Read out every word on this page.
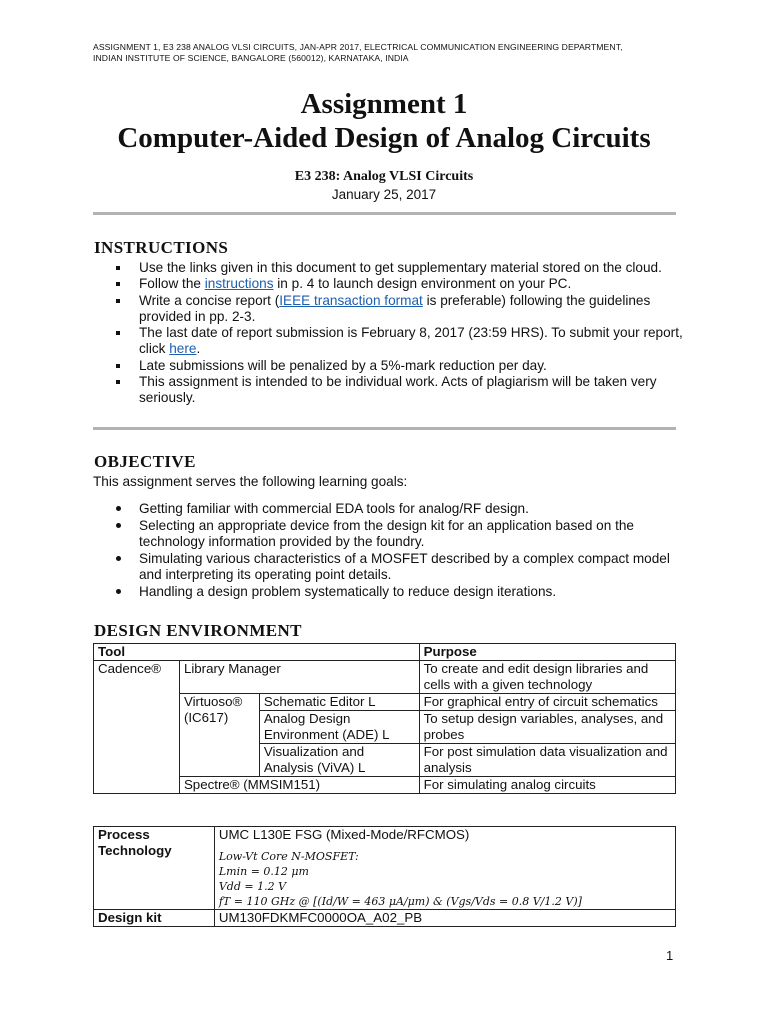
ASSIGNMENT 1, E3 238 ANALOG VLSI CIRCUITS, JAN-APR 2017, ELECTRICAL COMMUNICATION ENGINEERING DEPARTMENT,
INDIAN INSTITUTE OF SCIENCE, BANGALORE (560012), KARNATAKA, INDIA
Assignment 1
Computer-Aided Design of Analog Circuits
E3 238: Analog VLSI Circuits
January 25, 2017
INSTRUCTIONS
Use the links given in this document to get supplementary material stored on the cloud.
Follow the instructions in p. 4 to launch design environment on your PC.
Write a concise report (IEEE transaction format is preferable) following the guidelines provided in pp. 2-3.
The last date of report submission is February 8, 2017 (23:59 HRS). To submit your report, click here.
Late submissions will be penalized by a 5%-mark reduction per day.
This assignment is intended to be individual work. Acts of plagiarism will be taken very seriously.
OBJECTIVE
This assignment serves the following learning goals:
Getting familiar with commercial EDA tools for analog/RF design.
Selecting an appropriate device from the design kit for an application based on the technology information provided by the foundry.
Simulating various characteristics of a MOSFET described by a complex compact model and interpreting its operating point details.
Handling a design problem systematically to reduce design iterations.
DESIGN ENVIRONMENT
Tool			Purpose
Cadence®	Library Manager		To create and edit design libraries and cells with a given technology
	Virtuoso® (IC617)	Schematic Editor L	For graphical entry of circuit schematics
		Analog Design Environment (ADE) L	To setup design variables, analyses, and probes
		Visualization and Analysis (ViVA) L	For post simulation data visualization and analysis
	Spectre® (MMSIM151)		For simulating analog circuits
Process Technology	UMC L130E FSG (Mixed-Mode/RFCMOS)
Low-Vt Core N-MOSFET:
Lmin = 0.12 μm
Vdd = 1.2 V
fT = 110 GHz @ [(Id/W = 463 μA/μm) & (Vgs/Vds = 0.8 V/1.2 V)]

Design kit	UM130FDKMFC0000OA_A02_PB
1
